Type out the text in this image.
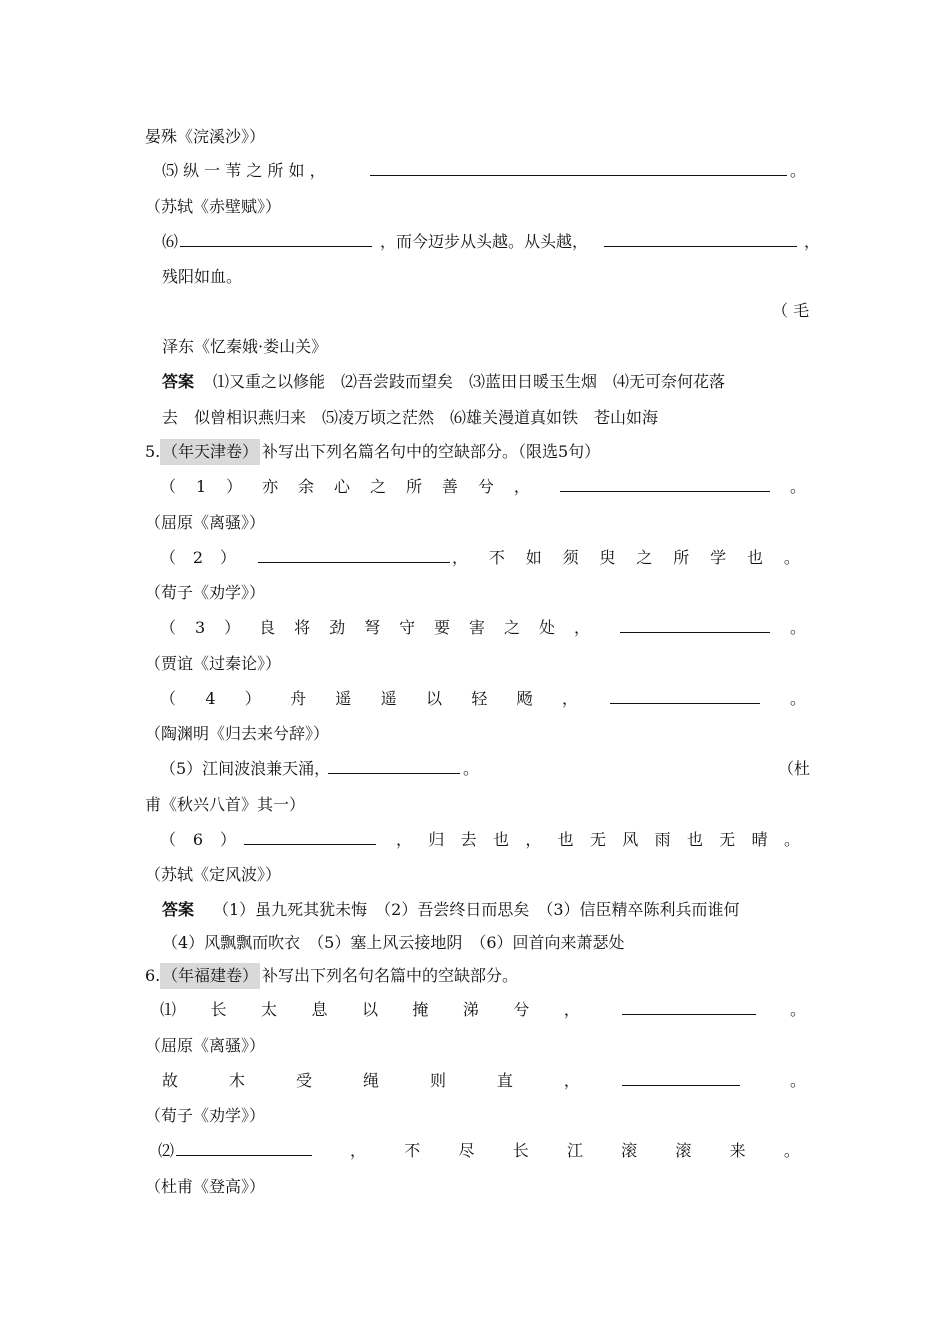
晏殊《浣溪沙》）
⑸ 纵 一 苇 之 所 如 ，	。
（苏轼《赤壁赋》）
⑹	，而今迈步从头越。从头越，	，
残阳如血。
（ 毛
泽东《忆秦娥·娄山关》
答案 ⑴又重之以修能　⑵吾尝跂而望矣　⑶蓝田日暖玉生烟　⑷无可奈何花落
去　似曾相识燕归来　⑸凌万顷之茫然　⑹雄关漫道真如铁　苍山如海
5. （年天津卷） 补写出下列名篇名句中的空缺部分。（限选5句）
（ 1 ） 亦 余 心 之 所 善 兮 ，	。
（屈原《离骚》）
（ 2 ）	， 不 如 须 臾 之 所 学 也 。
（荀子《劝学》）
（ 3 ） 良 将 劲 弩 守 要 害 之 处 ，	。
（贾谊《过秦论》）
（ 4 ） 舟 遥 遥 以 轻 飏 ，	。
（陶渊明《归去来兮辞》）
（5）江间波浪兼天涌，	。	（杜
甫《秋兴八首》其一）
（ 6 ）	， 归 去 也 ， 也 无 风 雨 也 无 晴 。
（苏轼《定风波》）
答案 （1）虽九死其犹未悔　（2）吾尝终日而思矣　（3）信臣精卒陈利兵而谁何
（4）风飘飘而吹衣　（5）塞上风云接地阴　（6）回首向来萧瑟处
6. （年福建卷） 补写出下列名句名篇中的空缺部分。
⑴ 长 太 息 以 掩 涕 兮 ，	。
（屈原《离骚》）
故	木	受	绳	则	直	，	。
（荀子《劝学》）
⑵	， 不 尽 长 江 滚 滚 来 。
（杜甫《登高》）
